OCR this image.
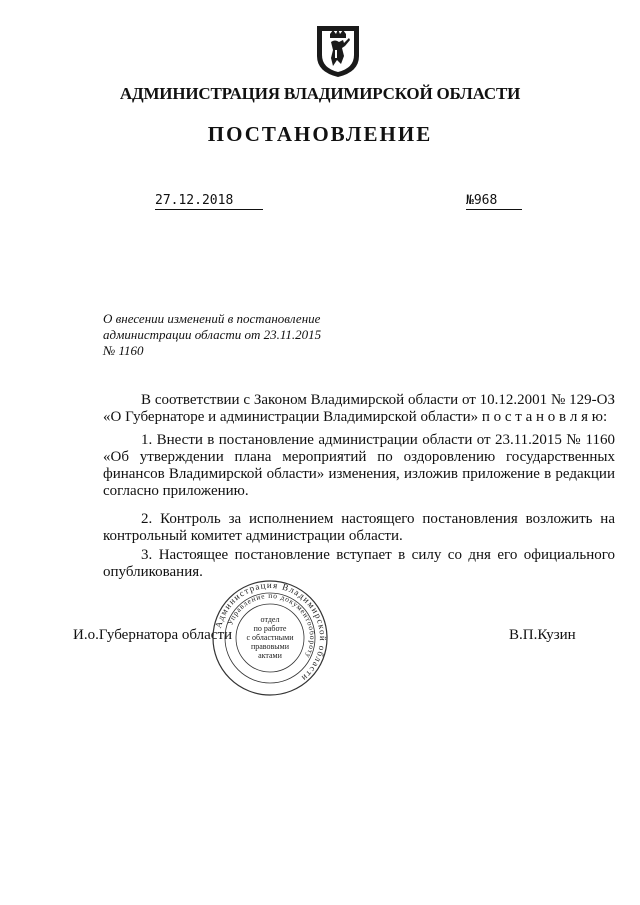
АДМИНИСТРАЦИЯ ВЛАДИМИРСКОЙ ОБЛАСТИ
ПОСТАНОВЛЕНИЕ
27.12.2018	№968
О внесении изменений в постановление
администрации области от 23.11.2015
№ 1160

В соответствии с Законом Владимирской области от 10.12.2001 № 129-ОЗ «О Губернаторе и администрации Владимирской области» п о с т а н о в л я ю:

1. Внести в постановление администрации области от 23.11.2015 № 1160 «Об утверждении плана мероприятий по оздоровлению государственных финансов Владимирской области» изменения, изложив приложение в редакции согласно приложению.

2. Контроль за исполнением настоящего постановления возложить на контрольный комитет администрации области.

3. Настоящее постановление вступает в силу со дня его официального опубликования.

И.о.Губернатора области	В.П.Кузин
Администрация Владимирской области
Управление по документообороту
отдел
по работе
с областными
правовыми
актами
